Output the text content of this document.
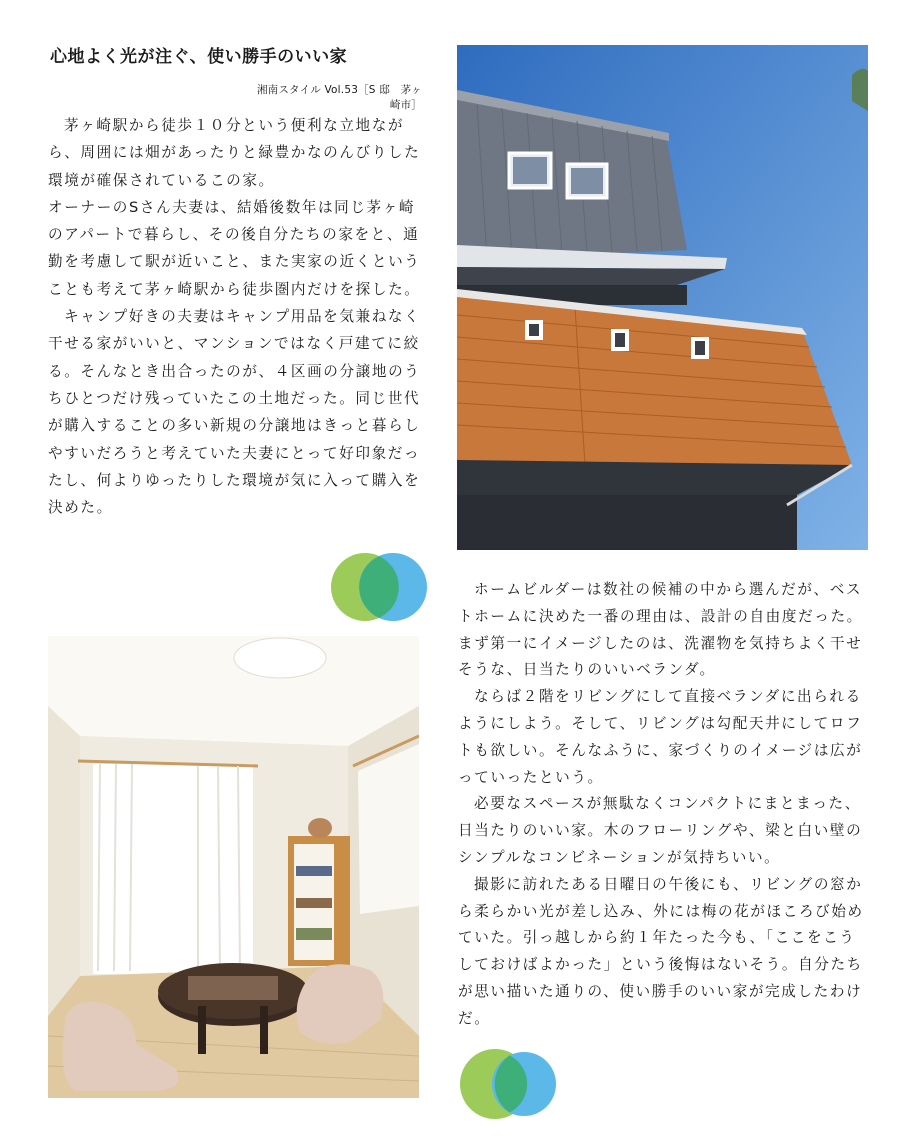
心地よく光が注ぐ、使い勝手のいい家
湘南スタイル Vol.53［S 邸　茅ヶ崎市］

茅ヶ崎駅から徒歩１０分という便利な立地ながら、周囲には畑があったりと緑豊かなのんびりした環境が確保されているこの家。

オーナーのSさん夫妻は、結婚後数年は同じ茅ヶ崎のアパートで暮らし、その後自分たちの家をと、通勤を考慮して駅が近いこと、また実家の近くということも考えて茅ヶ崎駅から徒歩圏内だけを探した。

キャンプ好きの夫妻はキャンプ用品を気兼ねなく干せる家がいいと、マンションではなく戸建てに絞る。そんなとき出合ったのが、４区画の分譲地のうちひとつだけ残っていたこの土地だった。同じ世代が購入することの多い新規の分譲地はきっと暮らしやすいだろうと考えていた夫妻にとって好印象だったし、何よりゆったりした環境が気に入って購入を決めた。

ホームビルダーは数社の候補の中から選んだが、ベストホームに決めた一番の理由は、設計の自由度だった。まず第一にイメージしたのは、洗濯物を気持ちよく干せそうな、日当たりのいいベランダ。

ならば２階をリビングにして直接ベランダに出られるようにしよう。そして、リビングは勾配天井にしてロフトも欲しい。そんなふうに、家づくりのイメージは広がっていったという。

必要なスペースが無駄なくコンパクトにまとまった、日当たりのいい家。木のフローリングや、梁と白い壁のシンプルなコンビネーションが気持ちいい。

撮影に訪れたある日曜日の午後にも、リビングの窓から柔らかい光が差し込み、外には梅の花がほころび始めていた。引っ越しから約１年たった今も、「ここをこうしておけばよかった」という後悔はないそう。自分たちが思い描いた通りの、使い勝手のいい家が完成したわけだ。
